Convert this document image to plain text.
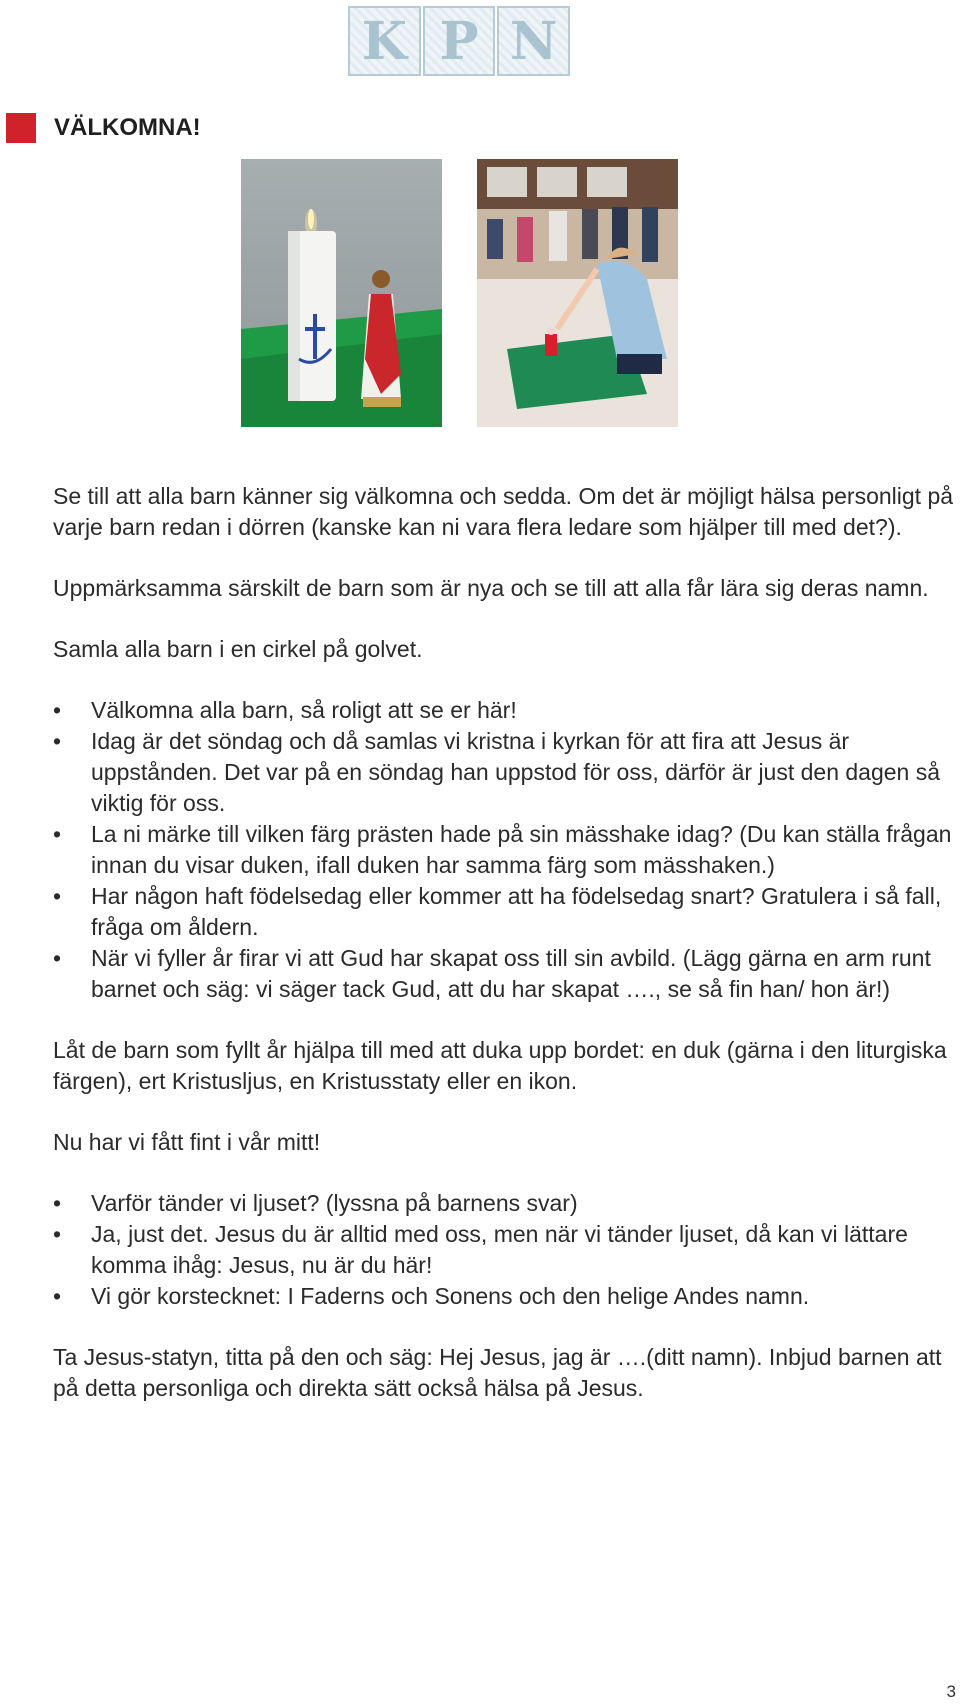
K P N
VÄLKOMNA!

Se till att alla barn känner sig välkomna och sedda. Om det är möjligt hälsa personligt på varje barn redan i dörren (kanske kan ni vara flera ledare som hjälper till med det?).

Uppmärksamma särskilt de barn som är nya och se till att alla får lära sig deras namn.

Samla alla barn i en cirkel på golvet.

• Välkomna alla barn, så roligt att se er här!
• Idag är det söndag och då samlas vi kristna i kyrkan för att fira att Jesus är uppstånden. Det var på en söndag han uppstod för oss, därför är just den dagen så viktig för oss.
• La ni märke till vilken färg prästen hade på sin mässhake idag? (Du kan ställa frågan innan du visar duken, ifall duken har samma färg som mässhaken.)
• Har någon haft födelsedag eller kommer att ha födelsedag snart? Gratulera i så fall, fråga om åldern.
• När vi fyller år firar vi att Gud har skapat oss till sin avbild. (Lägg gärna en arm runt barnet och säg: vi säger tack Gud, att du har skapat …., se så fin han/ hon är!)

Låt de barn som fyllt år hjälpa till med att duka upp bordet: en duk (gärna i den liturgiska färgen), ert Kristusljus, en Kristusstaty eller en ikon.

Nu har vi fått fint i vår mitt!

• Varför tänder vi ljuset? (lyssna på barnens svar)
• Ja, just det. Jesus du är alltid med oss, men när vi tänder ljuset, då kan vi lättare komma ihåg: Jesus, nu är du här!
• Vi gör korstecknet: I Faderns och Sonens och den helige Andes namn.

Ta Jesus-statyn, titta på den och säg: Hej Jesus, jag är ….(ditt namn). Inbjud barnen att på detta personliga och direkta sätt också hälsa på Jesus.

3
